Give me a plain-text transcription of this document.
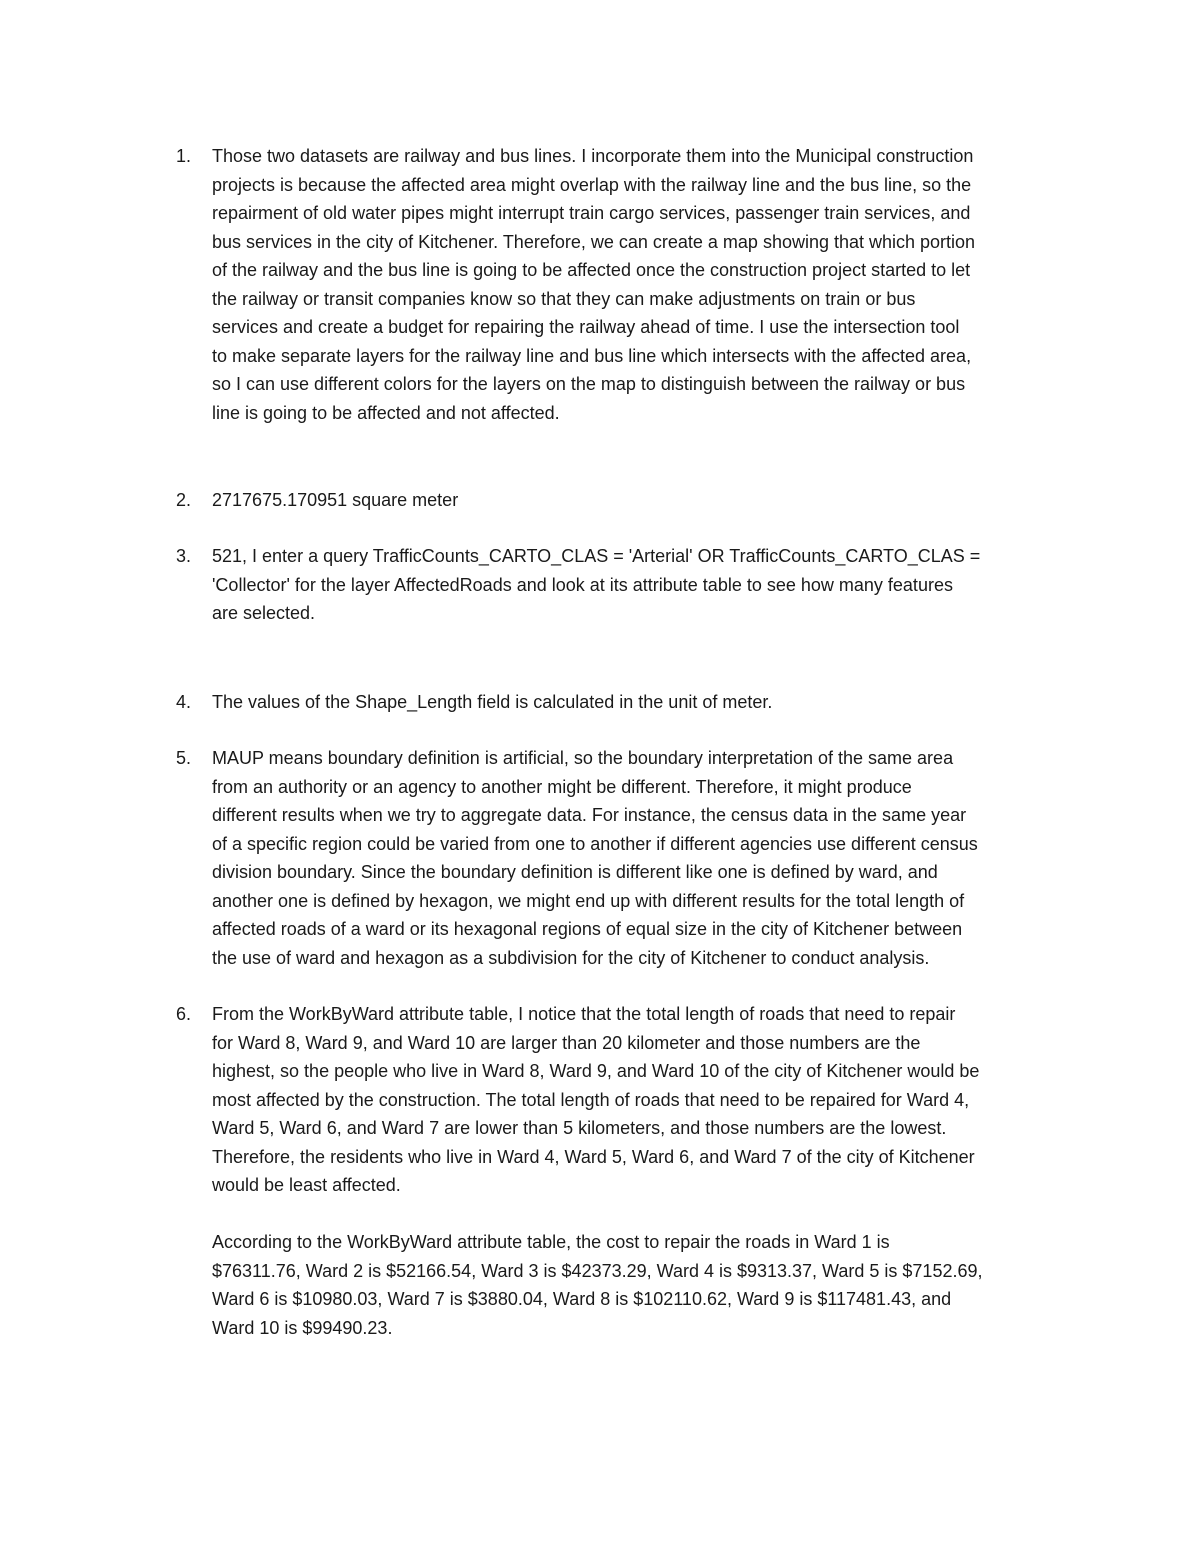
1. Those two datasets are railway and bus lines. I incorporate them into the Municipal construction
projects is because the affected area might overlap with the railway line and the bus line, so the
repairment of old water pipes might interrupt train cargo services, passenger train services, and
bus services in the city of Kitchener. Therefore, we can create a map showing that which portion
of the railway and the bus line is going to be affected once the construction project started to let
the railway or transit companies know so that they can make adjustments on train or bus
services and create a budget for repairing the railway ahead of time. I use the intersection tool
to make separate layers for the railway line and bus line which intersects with the affected area,
so I can use different colors for the layers on the map to distinguish between the railway or bus
line is going to be affected and not affected.
2. 2717675.170951 square meter
3. 521, I enter a query TrafficCounts_CARTO_CLAS = 'Arterial' OR TrafficCounts_CARTO_CLAS =
'Collector' for the layer AffectedRoads and look at its attribute table to see how many features
are selected.
4. The values of the Shape_Length field is calculated in the unit of meter.
5. MAUP means boundary definition is artificial, so the boundary interpretation of the same area
from an authority or an agency to another might be different. Therefore, it might produce
different results when we try to aggregate data. For instance, the census data in the same year
of a specific region could be varied from one to another if different agencies use different census
division boundary. Since the boundary definition is different like one is defined by ward, and
another one is defined by hexagon, we might end up with different results for the total length of
affected roads of a ward or its hexagonal regions of equal size in the city of Kitchener between
the use of ward and hexagon as a subdivision for the city of Kitchener to conduct analysis.
6. From the WorkByWard attribute table, I notice that the total length of roads that need to repair
for Ward 8, Ward 9, and Ward 10 are larger than 20 kilometer and those numbers are the
highest, so the people who live in Ward 8, Ward 9, and Ward 10 of the city of Kitchener would be
most affected by the construction. The total length of roads that need to be repaired for Ward 4,
Ward 5, Ward 6, and Ward 7 are lower than 5 kilometers, and those numbers are the lowest.
Therefore, the residents who live in Ward 4, Ward 5, Ward 6, and Ward 7 of the city of Kitchener
would be least affected.
According to the WorkByWard attribute table, the cost to repair the roads in Ward 1 is
$76311.76, Ward 2 is $52166.54, Ward 3 is $42373.29, Ward 4 is $9313.37, Ward 5 is $7152.69,
Ward 6 is $10980.03, Ward 7 is $3880.04, Ward 8 is $102110.62, Ward 9 is $117481.43, and
Ward 10 is $99490.23.
